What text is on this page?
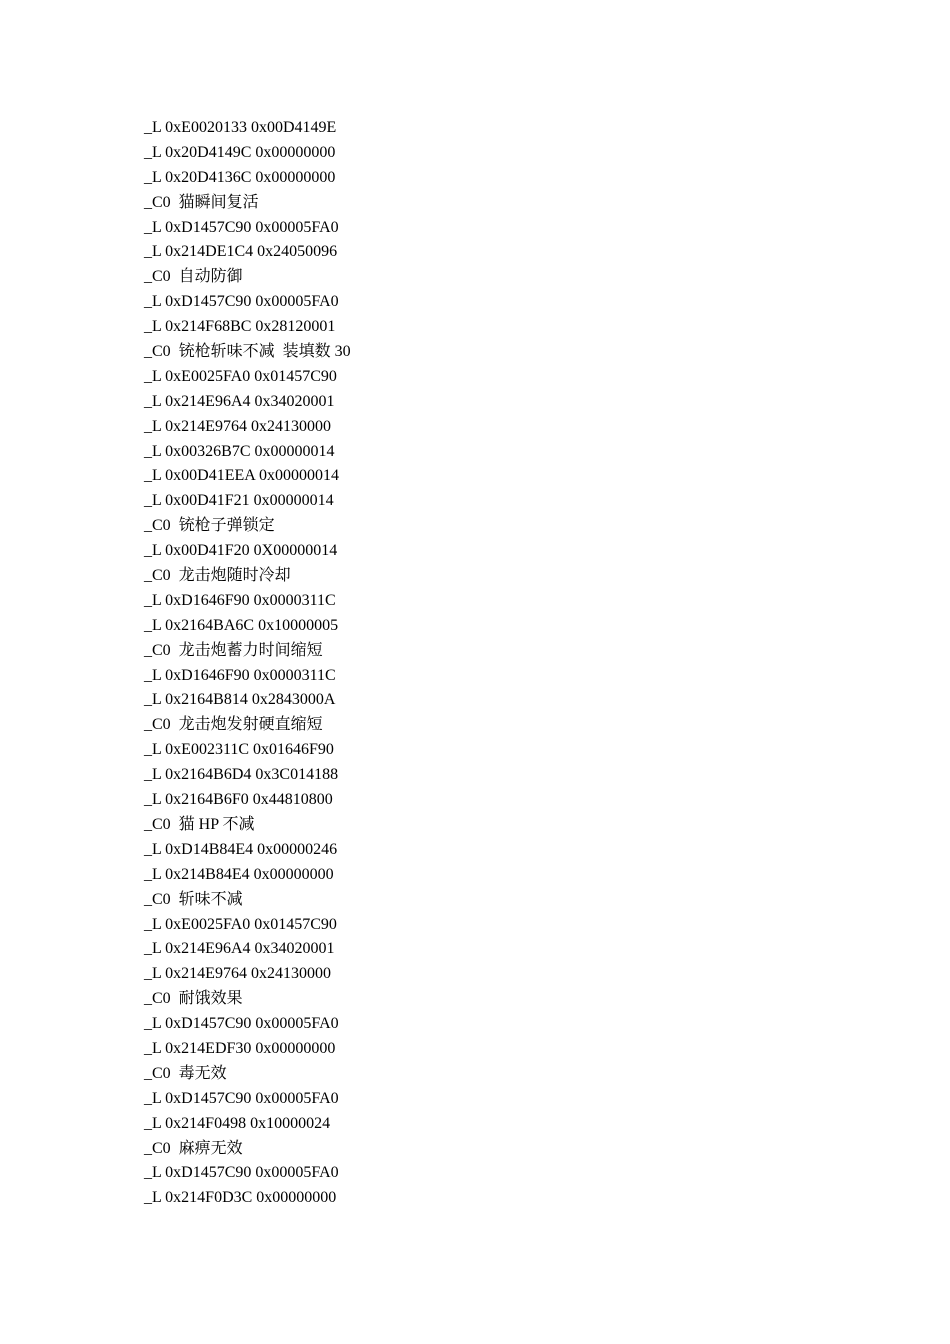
_L 0xE0020133 0x00D4149E
_L 0x20D4149C 0x00000000
_L 0x20D4136C 0x00000000
_C0  猫瞬间复活
_L 0xD1457C90 0x00005FA0
_L 0x214DE1C4 0x24050096
_C0  自动防御
_L 0xD1457C90 0x00005FA0
_L 0x214F68BC 0x28120001
_C0  铳枪斩味不减  装填数 30
_L 0xE0025FA0 0x01457C90
_L 0x214E96A4 0x34020001
_L 0x214E9764 0x24130000
_L 0x00326B7C 0x00000014
_L 0x00D41EEA 0x00000014
_L 0x00D41F21 0x00000014
_C0  铳枪子弹锁定
_L 0x00D41F20 0X00000014
_C0  龙击炮随时冷却
_L 0xD1646F90 0x0000311C
_L 0x2164BA6C 0x10000005
_C0  龙击炮蓄力时间缩短
_L 0xD1646F90 0x0000311C
_L 0x2164B814 0x2843000A
_C0  龙击炮发射硬直缩短
_L 0xE002311C 0x01646F90
_L 0x2164B6D4 0x3C014188
_L 0x2164B6F0 0x44810800
_C0  猫 HP 不减
_L 0xD14B84E4 0x00000246
_L 0x214B84E4 0x00000000
_C0  斩味不减
_L 0xE0025FA0 0x01457C90
_L 0x214E96A4 0x34020001
_L 0x214E9764 0x24130000
_C0  耐饿效果
_L 0xD1457C90 0x00005FA0
_L 0x214EDF30 0x00000000
_C0  毒无效
_L 0xD1457C90 0x00005FA0
_L 0x214F0498 0x10000024
_C0  麻痹无效
_L 0xD1457C90 0x00005FA0
_L 0x214F0D3C 0x00000000
